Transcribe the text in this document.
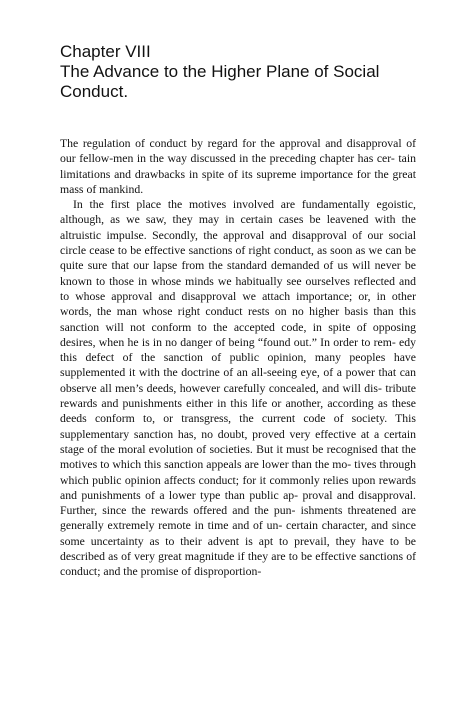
Chapter VIII
The Advance to the Higher Plane of Social
Conduct.

The regulation of conduct by regard for the approval and disapproval of our fellow-men in the way discussed in the preceding chapter has cer- tain limitations and drawbacks in spite of its supreme importance for the great mass of mankind.

In the first place the motives involved are fundamentally egoistic, although, as we saw, they may in certain cases be leavened with the altruistic impulse. Secondly, the approval and disapproval of our social circle cease to be effective sanctions of right conduct, as soon as we can be quite sure that our lapse from the standard demanded of us will never be known to those in whose minds we habitually see ourselves reflected and to whose approval and disapproval we attach importance; or, in other words, the man whose right conduct rests on no higher basis than this sanction will not conform to the accepted code, in spite of opposing desires, when he is in no danger of being “found out.” In order to rem- edy this defect of the sanction of public opinion, many peoples have supplemented it with the doctrine of an all-seeing eye, of a power that can observe all men’s deeds, however carefully concealed, and will dis- tribute rewards and punishments either in this life or another, according as these deeds conform to, or transgress, the current code of society. This supplementary sanction has, no doubt, proved very effective at a certain stage of the moral evolution of societies. But it must be recognised that the motives to which this sanction appeals are lower than the mo- tives through which public opinion affects conduct; for it commonly relies upon rewards and punishments of a lower type than public ap- proval and disapproval. Further, since the rewards offered and the pun- ishments threatened are generally extremely remote in time and of un- certain character, and since some uncertainty as to their advent is apt to prevail, they have to be described as of very great magnitude if they are to be effective sanctions of conduct; and the promise of disproportion-
